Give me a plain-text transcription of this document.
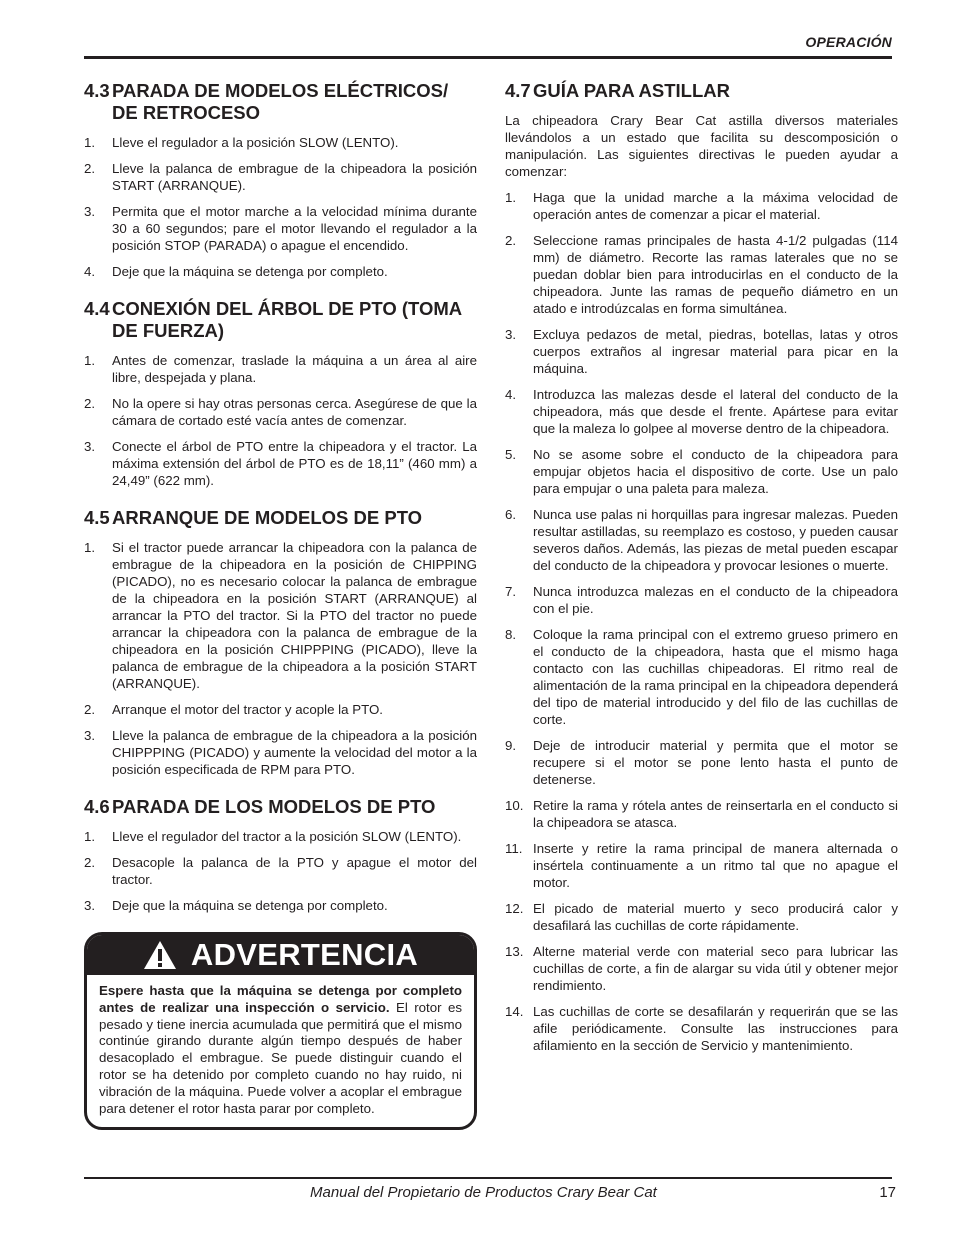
OPERACIÓN
4.3 PARADA DE MODELOS ELÉCTRICOS/ DE RETROCESO
1. Lleve el regulador a la posición SLOW (LENTO).
2. Lleve la palanca de embrague de la chipeadora la posición START (ARRANQUE).
3. Permita que el motor marche a la velocidad mínima durante 30 a 60 segundos; pare el motor llevando el regulador a la posición STOP (PARADA) o apague el encendido.
4. Deje que la máquina se detenga por completo.
4.4 CONEXIÓN DEL ÁRBOL DE PTO (TOMA DE FUERZA)
1. Antes de comenzar, traslade la máquina a un área al aire libre, despejada y plana.
2. No la opere si hay otras personas cerca. Asegúrese de que la cámara de cortado esté vacía antes de comenzar.
3. Conecte el árbol de PTO entre la chipeadora y el tractor. La máxima extensión del árbol de PTO es de 18,11” (460 mm) a 24,49” (622 mm).
4.5 ARRANQUE DE MODELOS DE PTO
1. Si el tractor puede arrancar la chipeadora con la palanca de embrague de la chipeadora en la posición de CHIPPING (PICADO), no es necesario colocar la palanca de embrague de la chipeadora en la posición START (ARRANQUE) al arrancar la PTO del tractor. Si la PTO del tractor no puede arrancar la chipeadora con la palanca de embrague de la chipeadora en la posición CHIPPPING (PICADO), lleve la palanca de embrague de la chipeadora a la posición START (ARRANQUE).
2. Arranque el motor del tractor y acople la PTO.
3. Lleve la palanca de embrague de la chipeadora a la posición CHIPPPING (PICADO) y aumente la velocidad del motor a la posición especificada de RPM para PTO.
4.6 PARADA DE LOS MODELOS DE PTO
1. Lleve el regulador del tractor a la posición SLOW (LENTO).
2. Desacople la palanca de la PTO y apague el motor del tractor.
3. Deje que la máquina se detenga por completo.
ADVERTENCIA
Espere hasta que la máquina se detenga por completo antes de realizar una inspección o servicio. El rotor es pesado y tiene inercia acumulada que permitirá que el mismo continúe girando durante algún tiempo después de haber desacoplado el embrague. Se puede distinguir cuando el rotor se ha detenido por completo cuando no hay ruido, ni vibración de la máquina. Puede volver a acoplar el embrague para detener el rotor hasta parar por completo.
4.7 GUÍA PARA ASTILLAR

La chipeadora Crary Bear Cat astilla diversos materiales llevándolos a un estado que facilita su descomposición o manipulación. Las siguientes directivas le pueden ayudar a comenzar:

1. Haga que la unidad marche a la máxima velocidad de operación antes de comenzar a picar el material.
2. Seleccione ramas principales de hasta 4-1/2 pulgadas (114 mm) de diámetro. Recorte las ramas laterales que no se puedan doblar bien para introducirlas en el conducto de la chipeadora. Junte las ramas de pequeño diámetro en un atado e introdúzcalas en forma simultánea.
3. Excluya pedazos de metal, piedras, botellas, latas y otros cuerpos extraños al ingresar material para picar en la máquina.
4. Introduzca las malezas desde el lateral del conducto de la chipeadora, más que desde el frente. Apártese para evitar que la maleza lo golpee al moverse dentro de la chipeadora.
5. No se asome sobre el conducto de la chipeadora para empujar objetos hacia el dispositivo de corte. Use un palo para empujar o una paleta para maleza.
6. Nunca use palas ni horquillas para ingresar malezas. Pueden resultar astilladas, su reemplazo es costoso, y pueden causar severos daños. Además, las piezas de metal pueden escapar del conducto de la chipeadora y provocar lesiones o muerte.
7. Nunca introduzca malezas en el conducto de la chipeadora con el pie.
8. Coloque la rama principal con el extremo grueso primero en el conducto de la chipeadora, hasta que el mismo haga contacto con las cuchillas chipeadoras. El ritmo real de alimentación de la rama principal en la chipeadora dependerá del tipo de material introducido y del filo de las cuchillas de corte.
9. Deje de introducir material y permita que el motor se recupere si el motor se pone lento hasta el punto de detenerse.
10. Retire la rama y rótela antes de reinsertarla en el conducto si la chipeadora se atasca.
11. Inserte y retire la rama principal de manera alternada o insértela continuamente a un ritmo tal que no apague el motor.
12. El picado de material muerto y seco producirá calor y desafilará las cuchillas de corte rápidamente.
13. Alterne material verde con material seco para lubricar las cuchillas de corte, a fin de alargar su vida útil y obtener mejor rendimiento.
14. Las cuchillas de corte se desafilarán y requerirán que se las afile periódicamente. Consulte las instrucciones para afilamiento en la sección de Servicio y mantenimiento.
Manual del Propietario de Productos Crary Bear Cat	17
